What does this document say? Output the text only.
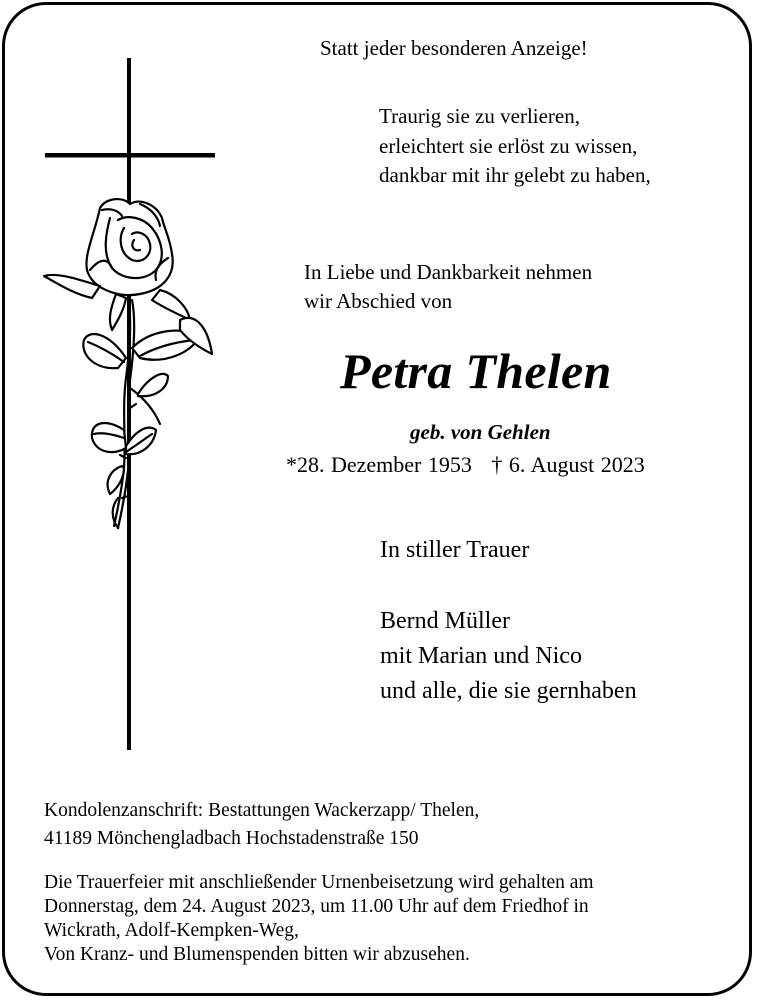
Statt jeder besonderen Anzeige!
Traurig sie zu verlieren,
erleichtert sie erlöst zu wissen,
dankbar mit ihr gelebt zu haben,
In Liebe und Dankbarkeit nehmen
wir Abschied von
Petra Thelen
geb. von Gehlen
*28. Dezember 1953   † 6. August 2023
In stiller Trauer
Bernd Müller
mit Marian und Nico
und alle, die sie gernhaben
Kondolenzanschrift: Bestattungen Wackerzapp/ Thelen,
41189 Mönchengladbach Hochstadenstraße 150
Die Trauerfeier mit anschließender Urnenbeisetzung wird gehalten am
Donnerstag, dem 24. August 2023, um 11.00 Uhr auf dem Friedhof in
Wickrath, Adolf-Kempken-Weg,
Von Kranz- und Blumenspenden bitten wir abzusehen.
